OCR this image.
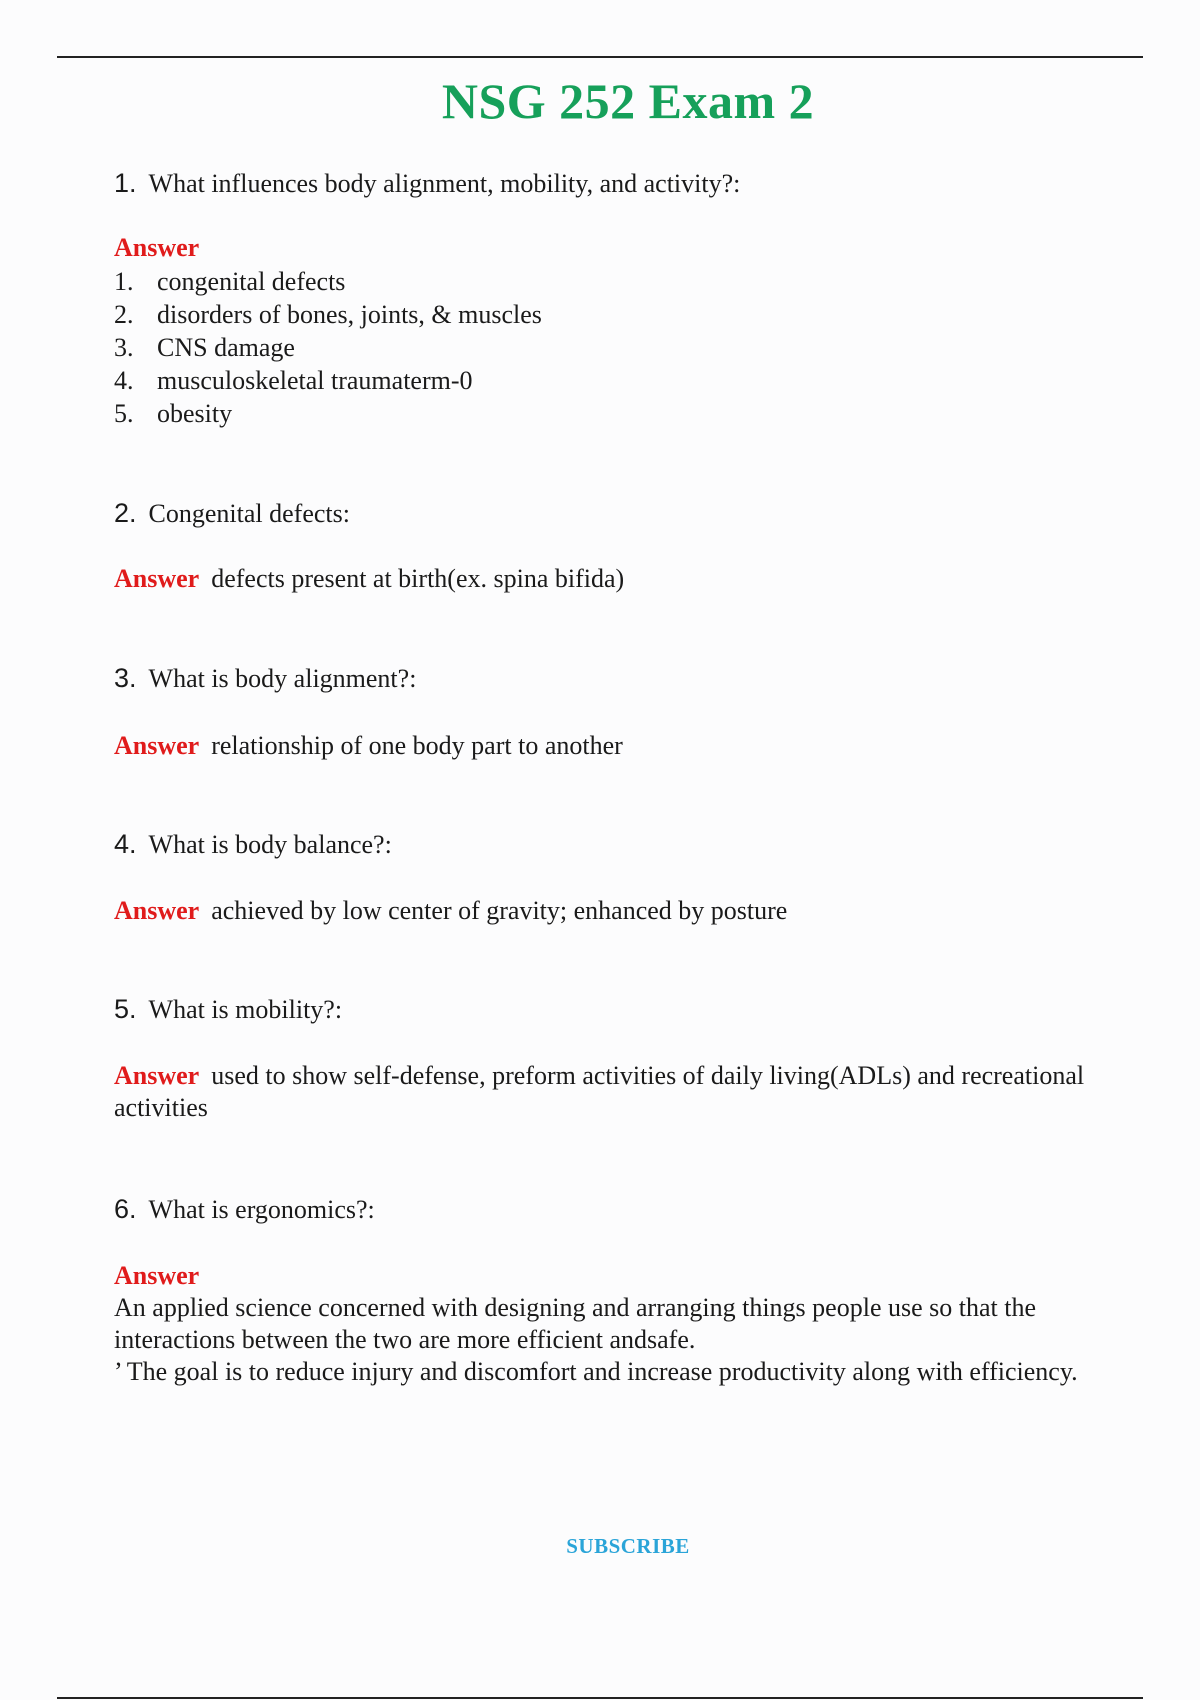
NSG 252 Exam 2
1. What influences body alignment, mobility, and activity?:
Answer
1. congenital defects
2. disorders of bones, joints, & muscles
3. CNS damage
4. musculoskeletal traumaterm-0
5. obesity
2. Congenital defects:
Answer defects present at birth(ex. spina bifida)
3. What is body alignment?:
Answer relationship of one body part to another
4. What is body balance?:
Answer achieved by low center of gravity; enhanced by posture
5. What is mobility?:
Answer used to show self-defense, preform activities of daily living(ADLs) and recreational activities
6. What is ergonomics?:
Answer
An applied science concerned with designing and arranging things people use so that the interactions between the two are more efficient andsafe.
’ The goal is to reduce injury and discomfort and increase productivity along with efficiency.
SUBSCRIBE
